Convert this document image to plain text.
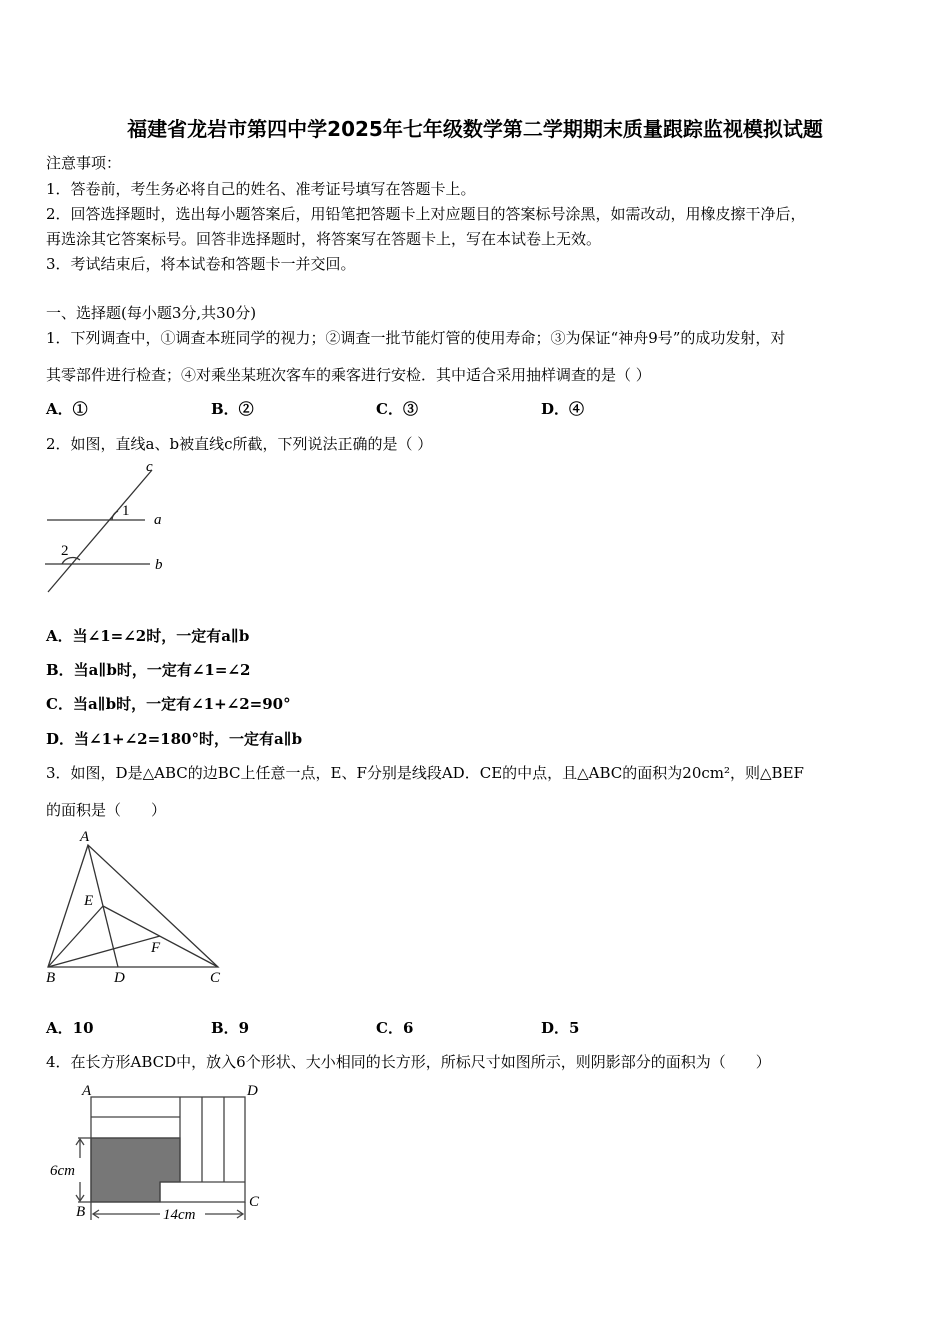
福建省龙岩市第四中学2025年七年级数学第二学期期末质量跟踪监视模拟试题
注意事项：
1．答卷前，考生务必将自己的姓名、准考证号填写在答题卡上。
2．回答选择题时，选出每小题答案后，用铅笔把答题卡上对应题目的答案标号涂黑，如需改动，用橡皮擦干净后，
再选涂其它答案标号。回答非选择题时，将答案写在答题卡上，写在本试卷上无效。
3．考试结束后，将本试卷和答题卡一并交回。
一、选择题(每小题3分,共30分)
1．下列调查中，①调查本班同学的视力；②调查一批节能灯管的使用寿命；③为保证“神舟9号”的成功发射，对
其零部件进行检查；④对乘坐某班次客车的乘客进行安检．其中适合采用抽样调查的是（ ）
A．①	B．②	C．③	D．④
2．如图，直线a、b被直线c所截，下列说法正确的是（ ）
A．当∠1=∠2时，一定有a∥b
B．当a∥b时，一定有∠1=∠2
C．当a∥b时，一定有∠1+∠2=90°
D．当∠1+∠2=180°时，一定有a∥b
3．如图，D是△ABC的边BC上任意一点，E、F分别是线段AD．CE的中点，且△ABC的面积为20cm²，则△BEF
的面积是（　　）
A．10	B．9	C．6	D．5
4．在长方形ABCD中，放入6个形状、大小相同的长方形，所标尺寸如图所示，则阴影部分的面积为（　　）
c
a
b
1
2
A
B	C
D
E
F
A	D
B
C
6cm
14cm
